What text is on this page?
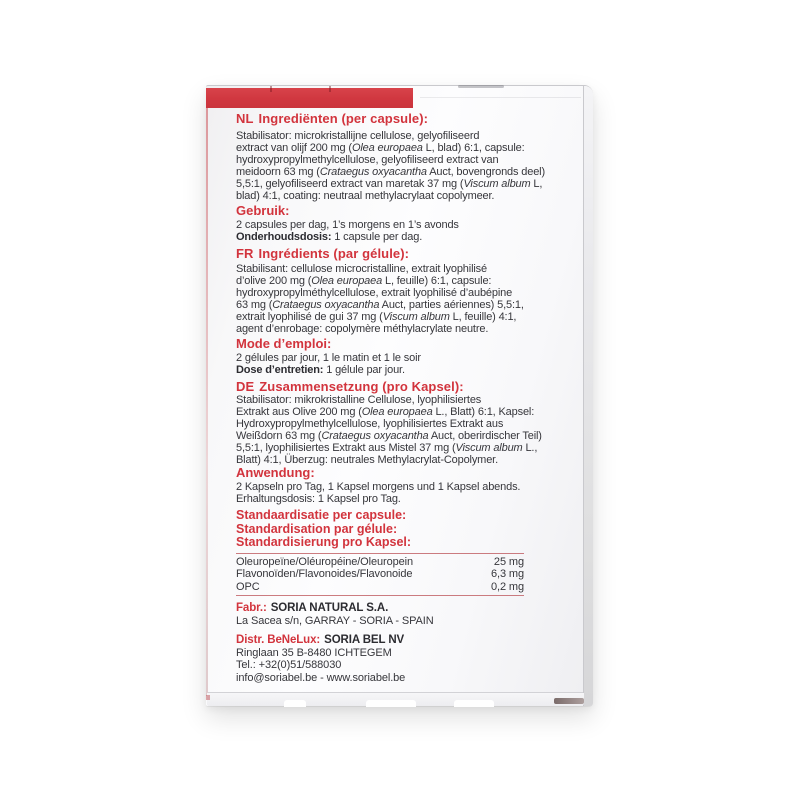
NL Ingrediënten (per capsule):
Stabilisator: microkristallijne cellulose, gelyofiliseerd
extract van olijf 200 mg (Olea europaea L, blad) 6:1, capsule:
hydroxypropylmethylcellulose, gelyofiliseerd extract van
meidoorn 63 mg (Crataegus oxyacantha Auct, bovengronds deel)
5,5:1, gelyofiliseerd extract van maretak 37 mg (Viscum album L,
blad) 4:1, coating: neutraal methylacrylaat copolymeer.
Gebruik:
2 capsules per dag, 1’s morgens en 1’s avonds
Onderhoudsdosis: 1 capsule per dag.
FR Ingrédients (par gélule):
Stabilisant: cellulose microcristalline, extrait lyophilisé
d’olive 200 mg (Olea europaea L, feuille) 6:1, capsule:
hydroxypropylméthylcellulose, extrait lyophilisé d’aubépine
63 mg (Crataegus oxyacantha Auct, parties aériennes) 5,5:1,
extrait lyophilisé de gui 37 mg (Viscum album L, feuille) 4:1,
agent d’enrobage: copolymère méthylacrylate neutre.
Mode d’emploi:
2 gélules par jour, 1 le matin et 1 le soir
Dose d’entretien: 1 gélule par jour.
DE Zusammensetzung (pro Kapsel):
Stabilisator: mikrokristalline Cellulose, lyophilisiertes
Extrakt aus Olive 200 mg (Olea europaea L., Blatt) 6:1, Kapsel:
Hydroxypropylmethylcellulose, lyophilisiertes Extrakt aus
Weißdorn 63 mg (Crataegus oxyacantha Auct, oberirdischer Teil)
5,5:1, lyophilisiertes Extrakt aus Mistel 37 mg (Viscum album L.,
Blatt) 4:1, Überzug: neutrales Methylacrylat-Copolymer.
Anwendung:
2 Kapseln pro Tag, 1 Kapsel morgens und 1 Kapsel abends.
Erhaltungsdosis: 1 Kapsel pro Tag.
Standaardisatie per capsule:
Standardisation par gélule:
Standardisierung pro Kapsel:
Oleuropeïne/Oléuropéine/Oleuropein	25 mg
Flavonoïden/Flavonoides/Flavonoide	6,3 mg
OPC	0,2 mg
Fabr.: SORIA NATURAL S.A.
La Sacea s/n, GARRAY - SORIA - SPAIN
Distr. BeNeLux: SORIA BEL NV
Ringlaan 35 B-8480 ICHTEGEM
Tel.: +32(0)51/588030
info@soriabel.be - www.soriabel.be
